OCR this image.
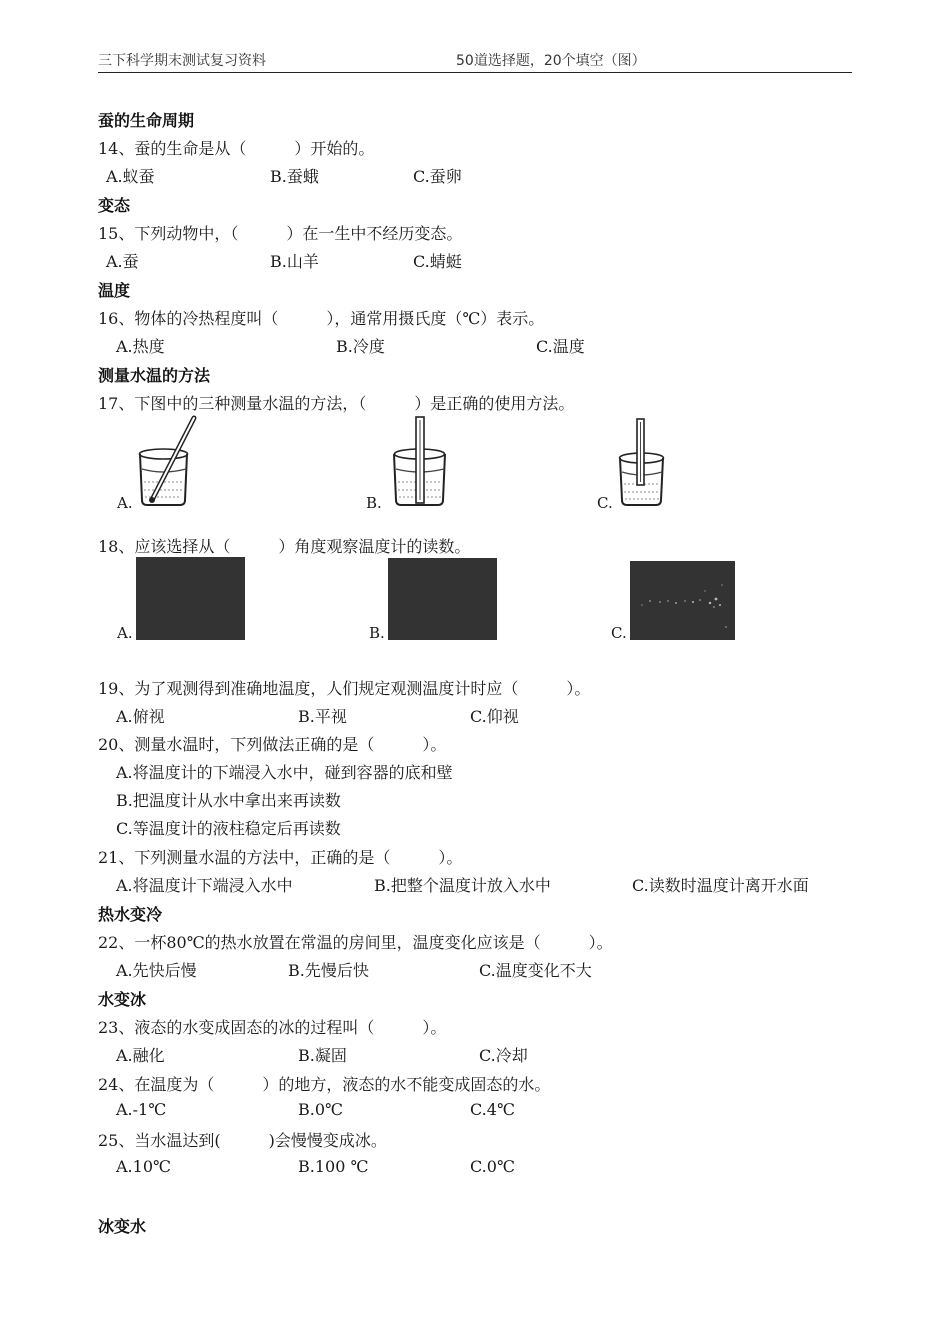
三下科学期末测试复习资料	50道选择题，20个填空（图）
蚕的生命周期
14、蚕的生命是从（　　　）开始的。
A.蚁蚕	B.蚕蛾	C.蚕卵
变态
15、下列动物中，（　　　）在一生中不经历变态。
A.蚕	B.山羊	C.蜻蜓
温度
16、物体的冷热程度叫（　　　），通常用摄氏度（℃）表示。
A.热度	B.冷度	C.温度
测量水温的方法
17、下图中的三种测量水温的方法，（　　　）是正确的使用方法。
A.	B.	C.
18、应该选择从（　　　）角度观察温度计的读数。
A.	B.	C.
19、为了观测得到准确地温度，人们规定观测温度计时应（　　　）。
A.俯视	B.平视	C.仰视
20、测量水温时，下列做法正确的是（　　　）。
A.将温度计的下端浸入水中，碰到容器的底和壁
B.把温度计从水中拿出来再读数
C.等温度计的液柱稳定后再读数
21、下列测量水温的方法中，正确的是（　　　）。
A.将温度计下端浸入水中	B.把整个温度计放入水中	C.读数时温度计离开水面
热水变冷
22、一杯80℃的热水放置在常温的房间里，温度变化应该是（　　　）。
A.先快后慢	B.先慢后快	C.温度变化不大
水变冰
23、液态的水变成固态的冰的过程叫（　　　）。
A.融化	B.凝固	C.冷却
24、在温度为（　　　）的地方，液态的水不能变成固态的水。
A.-1℃	B.0℃	C.4℃
25、当水温达到(　　　)会慢慢变成冰。
A.10℃	B.100 ℃	C.0℃
冰变水
